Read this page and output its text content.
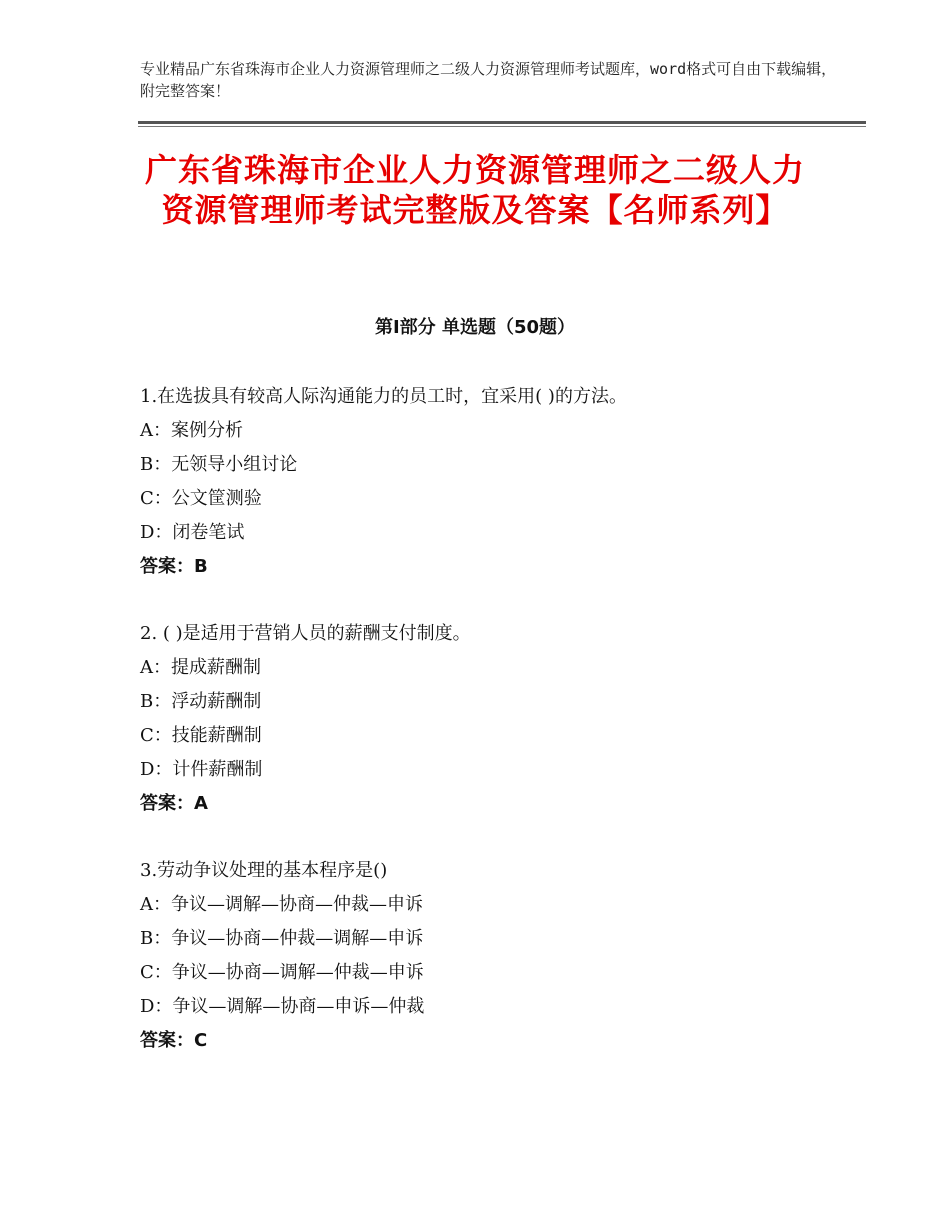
专业精品广东省珠海市企业人力资源管理师之二级人力资源管理师考试题库，word格式可自由下载编辑，附完整答案！
广东省珠海市企业人力资源管理师之二级人力资源管理师考试完整版及答案【名师系列】
第Ⅰ部分 单选题（50题）
1.在选拔具有较高人际沟通能力的员工时，宜采用( )的方法。
A：案例分析
B：无领导小组讨论
C：公文筐测验
D：闭卷笔试
答案：B
2. ( )是适用于营销人员的薪酬支付制度。
A：提成薪酬制
B：浮动薪酬制
C：技能薪酬制
D：计件薪酬制
答案：A
3.劳动争议处理的基本程序是()
A：争议—调解—协商—仲裁—申诉
B：争议—协商—仲裁—调解—申诉
C：争议—协商—调解—仲裁—申诉
D：争议—调解—协商—申诉—仲裁
答案：C
